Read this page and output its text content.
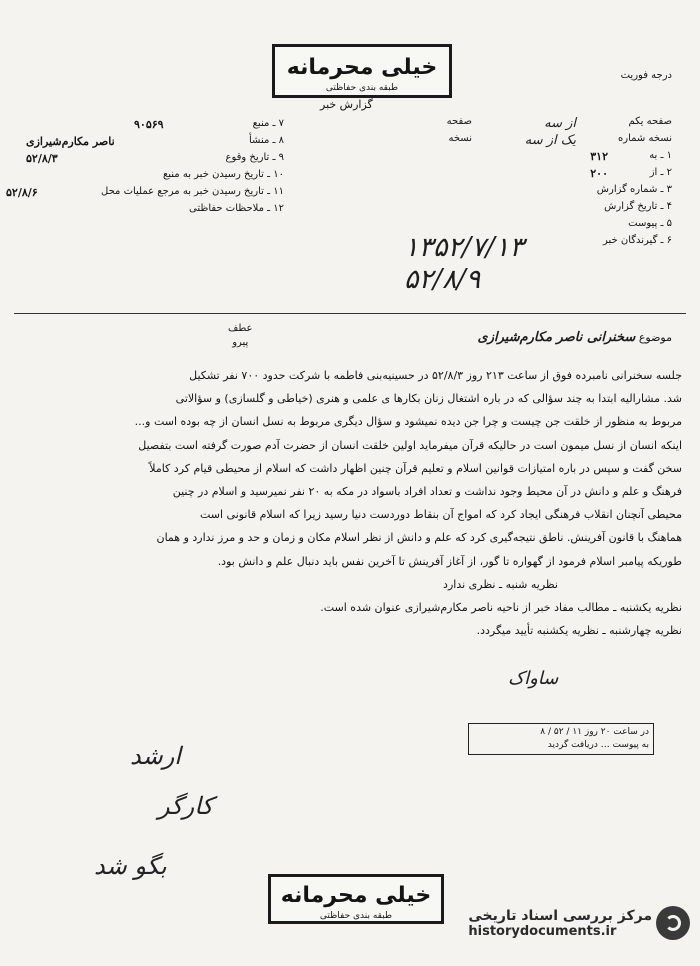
خیلی محرمانه
طبقه بندی حفاظتی
گزارش خبر
درجه فوریت
۷ ـ منبع
۹۰۵۶۹
۸ ـ منشأ
ناصر مکارم‌شیرازی
۹ ـ تاریخ وقوع
۵۲/۸/۳
۱۰ ـ تاریخ رسیدن خبر به منبع
۱۱ ـ تاریخ رسیدن خبر به مرجع عملیات محل
۵۲/۸/۶
۱۲ ـ ملاحظات حفاظتی
صفحه یکم
از سه
صفحه
نسخه شماره
یک از سه
نسخه
۱ ـ به
۳۱۲
۲ ـ از
۲۰۰
۳ ـ شماره گزارش
۴ ـ تاریخ گزارش
۵ ـ پیوست
۶ ـ گیرندگان خبر
۱۳۵۲/۷/۱۳
۵۲/۸/۹
عطف
پیرو	موضوع سخنرانی ناصر مکارم‌شیرازی

جلسه سخنرانی نامبرده فوق از ساعت ۲۱۳ روز ۵۲/۸/۳ در حسینیه‌بنی فاطمه با شرکت حدود ۷۰۰ نفر تشکیل

شد. مشارالیه ابتدا به چند سؤالی که در باره اشتغال زنان بکارها ی علمی و هنری (خیاطی و گلسازی) و سؤالاتی

مربوط به منظور از خلقت جن چیست و چرا جن دیده نمیشود و سؤال دیگری مربوط به نسل انسان از چه بوده است و...

اینکه انسان از نسل میمون است در حالیکه قرآن میفرماید اولین خلقت انسان از حضرت آدم صورت گرفته است بتفصیل

سخن گفت و سپس در باره امتیازات قوانین اسلام و تعلیم قرآن چنین اظهار داشت که اسلام از محیطی قیام کرد کاملاً

فرهنگ و علم و دانش در آن محیط وجود نداشت و تعداد افراد باسواد در مکه به ۲۰ نفر نمیرسید و اسلام در چنین

محیطی آنچنان انقلاب فرهنگی ایجاد کرد که امواج آن بنقاط دوردست دنیا رسید زیرا که اسلام قانونی است

هماهنگ با قانون آفرینش. ناطق نتیجه‌گیری کرد که علم و دانش از نظر اسلام مکان و زمان و حد و مرز ندارد و همان

طوریکه پیامبر اسلام فرمود از گهواره تا گور، از آغاز آفرینش تا آخرین نفس باید دنبال علم و دانش بود.

نظریه شنبه ـ نظری ندارد

نظریه یکشنبه ـ مطالب مفاد خبر از ناحیه ناصر مکارم‌شیرازی عنوان شده است.

نظریه چهارشنبه ـ نظریه یکشنبه تأیید میگردد.

ساواک
در ساعت ۲۰ روز ۱۱ / ۵۲ / ۸
به پیوست … دریافت گردید
ارشد
کارگر
بگو شد
خیلی محرمانه
طبقه بندی حفاظتی	مرکز بررسی اسناد تاریخی
historydocuments.ir
